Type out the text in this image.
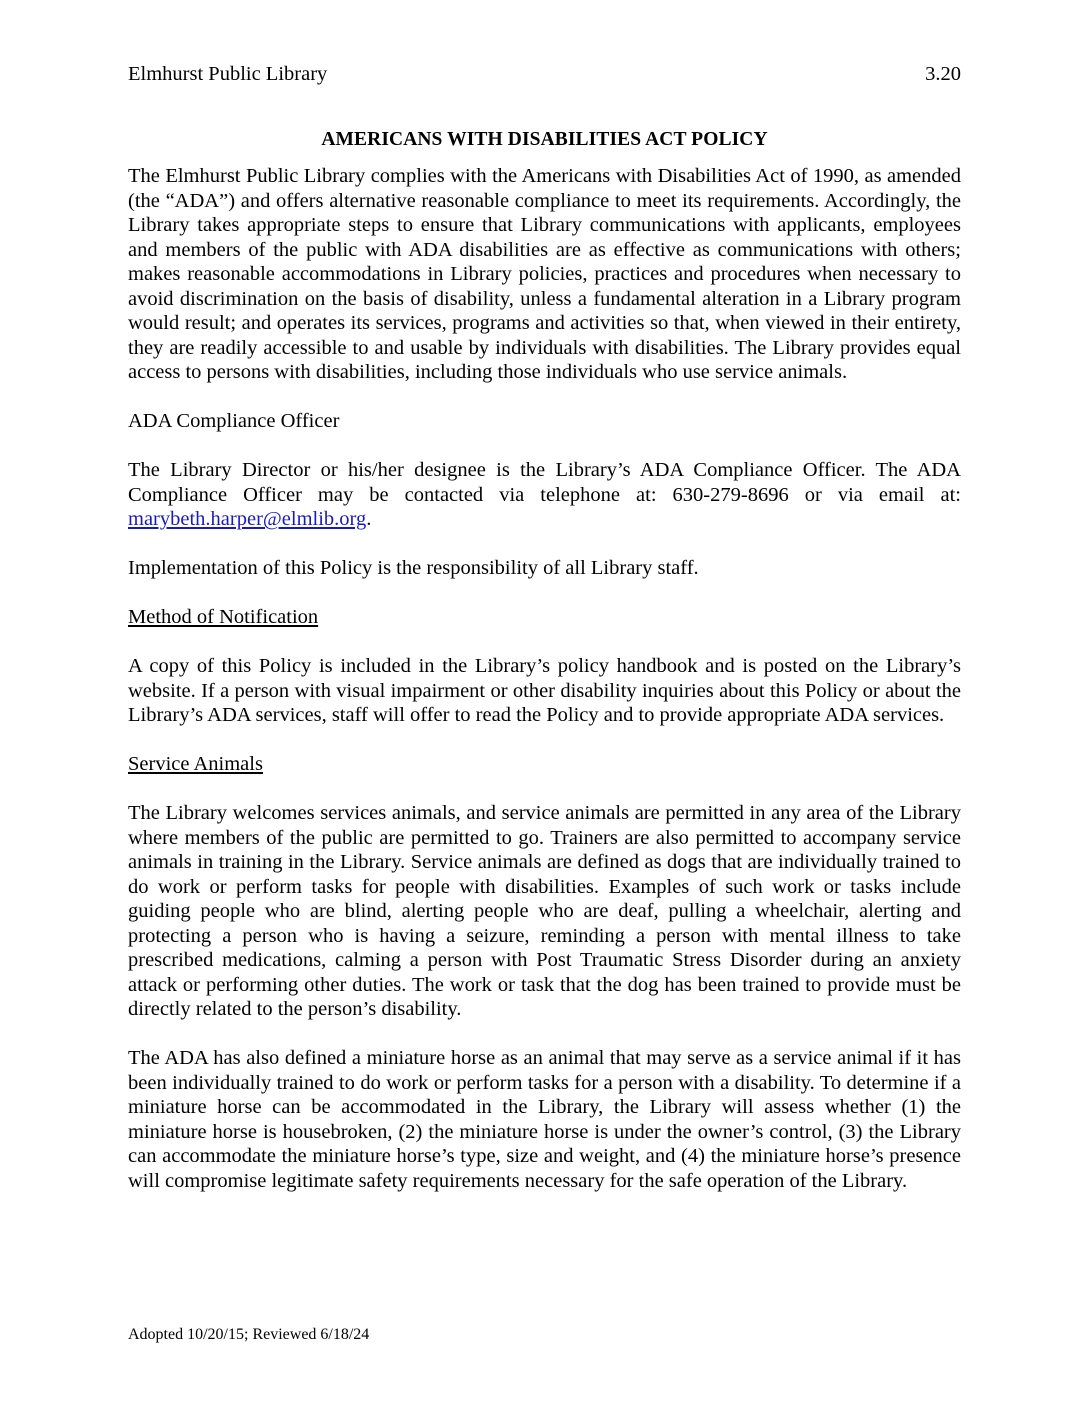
Elmhurst Public Library	3.20
AMERICANS WITH DISABILITIES ACT POLICY

The Elmhurst Public Library complies with the Americans with Disabilities Act of 1990, as amended (the “ADA”) and offers alternative reasonable compliance to meet its requirements. Accordingly, the Library takes appropriate steps to ensure that Library communications with applicants, employees and members of the public with ADA disabilities are as effective as communications with others; makes reasonable accommodations in Library policies, practices and procedures when necessary to avoid discrimination on the basis of disability, unless a fundamental alteration in a Library program would result; and operates its services, programs and activities so that, when viewed in their entirety, they are readily accessible to and usable by individuals with disabilities. The Library provides equal access to persons with disabilities, including those individuals who use service animals.

ADA Compliance Officer

The Library Director or his/her designee is the Library’s ADA Compliance Officer. The ADA Compliance Officer may be contacted via telephone at: 630-279-8696 or via email at: marybeth.harper@elmlib.org.

Implementation of this Policy is the responsibility of all Library staff.

Method of Notification

A copy of this Policy is included in the Library’s policy handbook and is posted on the Library’s website. If a person with visual impairment or other disability inquiries about this Policy or about the Library’s ADA services, staff will offer to read the Policy and to provide appropriate ADA services.

Service Animals

The Library welcomes services animals, and service animals are permitted in any area of the Library where members of the public are permitted to go. Trainers are also permitted to accompany service animals in training in the Library. Service animals are defined as dogs that are individually trained to do work or perform tasks for people with disabilities. Examples of such work or tasks include guiding people who are blind, alerting people who are deaf, pulling a wheelchair, alerting and protecting a person who is having a seizure, reminding a person with mental illness to take prescribed medications, calming a person with Post Traumatic Stress Disorder during an anxiety attack or performing other duties. The work or task that the dog has been trained to provide must be directly related to the person’s disability.

The ADA has also defined a miniature horse as an animal that may serve as a service animal if it has been individually trained to do work or perform tasks for a person with a disability. To determine if a miniature horse can be accommodated in the Library, the Library will assess whether (1) the miniature horse is housebroken, (2) the miniature horse is under the owner’s control, (3) the Library can accommodate the miniature horse’s type, size and weight, and (4) the miniature horse’s presence will compromise legitimate safety requirements necessary for the safe operation of the Library.

Adopted 10/20/15; Reviewed 6/18/24
